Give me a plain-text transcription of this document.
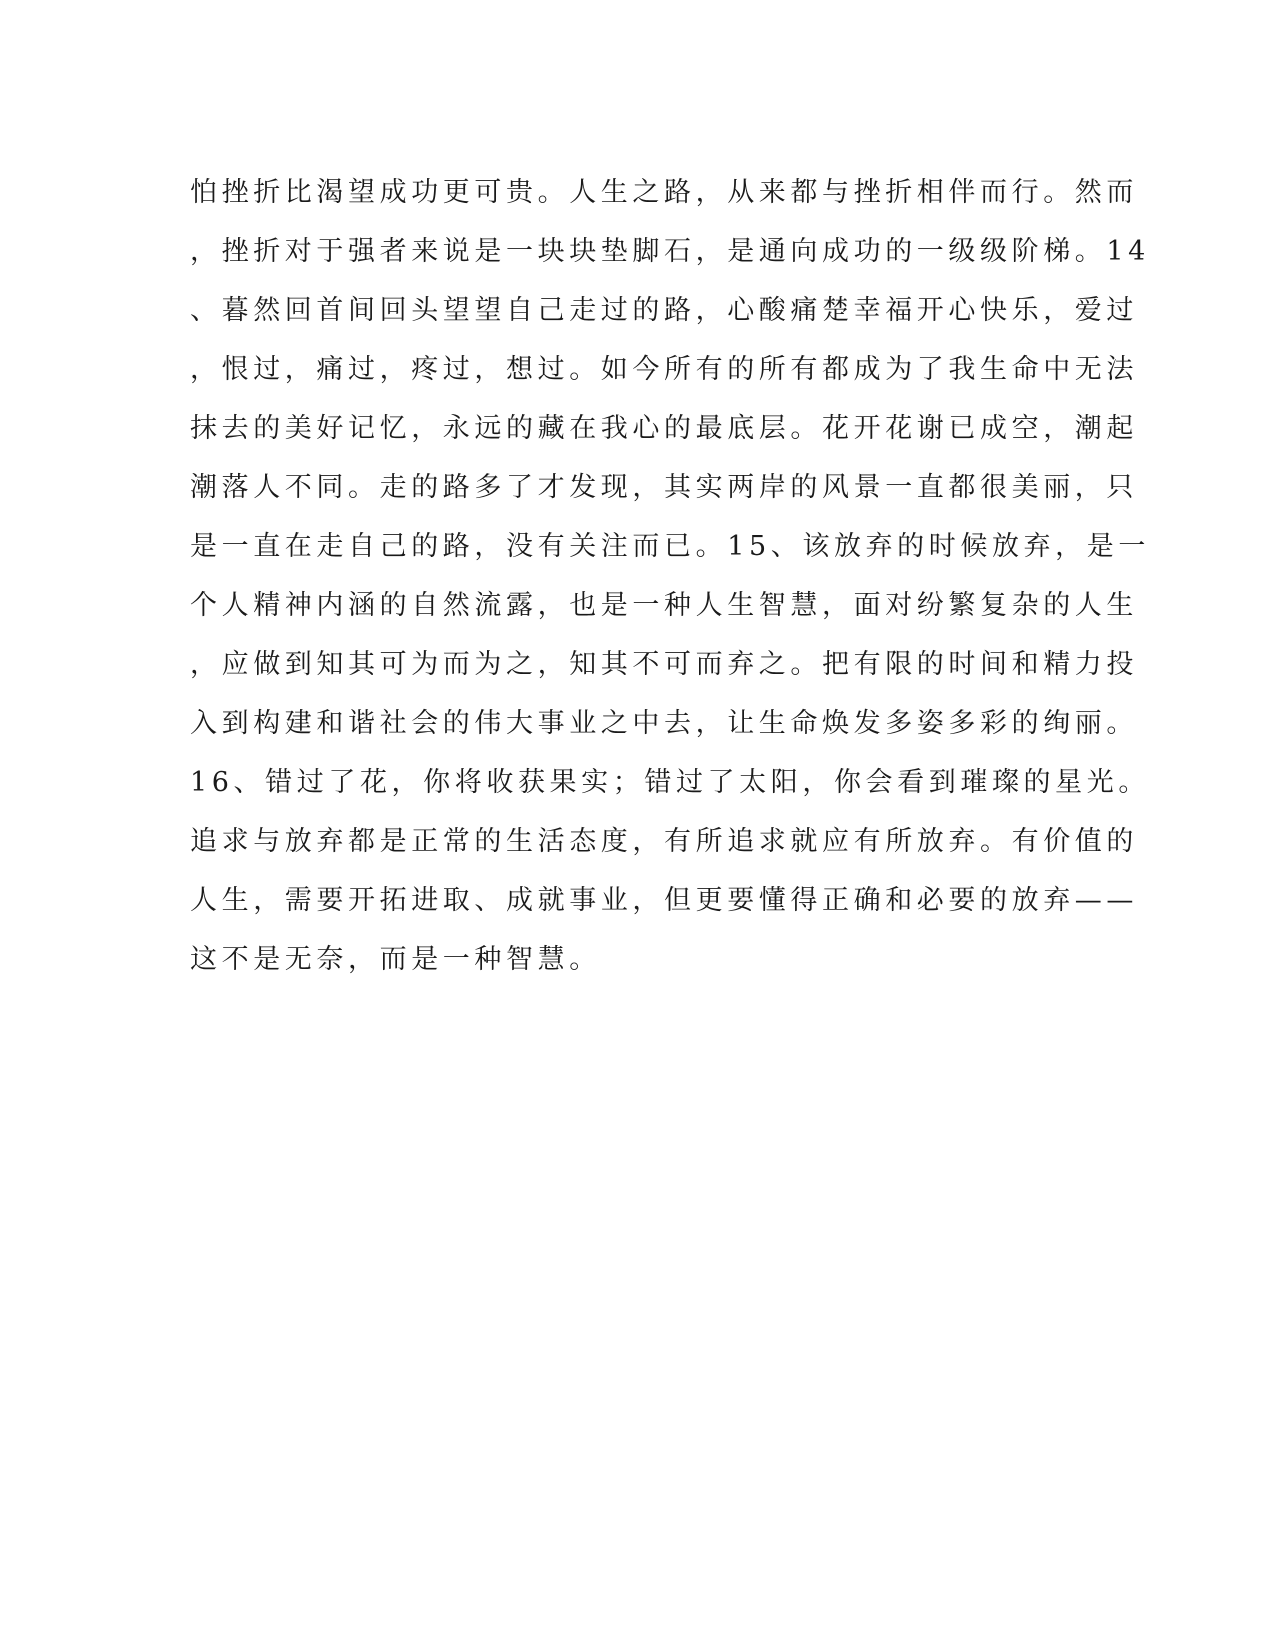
怕挫折比渴望成功更可贵。人生之路，从来都与挫折相伴而行。然而
，挫折对于强者来说是一块块垫脚石，是通向成功的一级级阶梯。14
、暮然回首间回头望望自己走过的路，心酸痛楚幸福开心快乐，爱过
，恨过，痛过，疼过，想过。如今所有的所有都成为了我生命中无法
抹去的美好记忆，永远的藏在我心的最底层。花开花谢已成空，潮起
潮落人不同。走的路多了才发现，其实两岸的风景一直都很美丽，只
是一直在走自己的路，没有关注而已。15、该放弃的时候放弃，是一
个人精神内涵的自然流露，也是一种人生智慧，面对纷繁复杂的人生
，应做到知其可为而为之，知其不可而弃之。把有限的时间和精力投
入到构建和谐社会的伟大事业之中去，让生命焕发多姿多彩的绚丽。
16、错过了花，你将收获果实；错过了太阳，你会看到璀璨的星光。
追求与放弃都是正常的生活态度，有所追求就应有所放弃。有价值的
人生，需要开拓进取、成就事业，但更要懂得正确和必要的放弃——
这不是无奈，而是一种智慧。
